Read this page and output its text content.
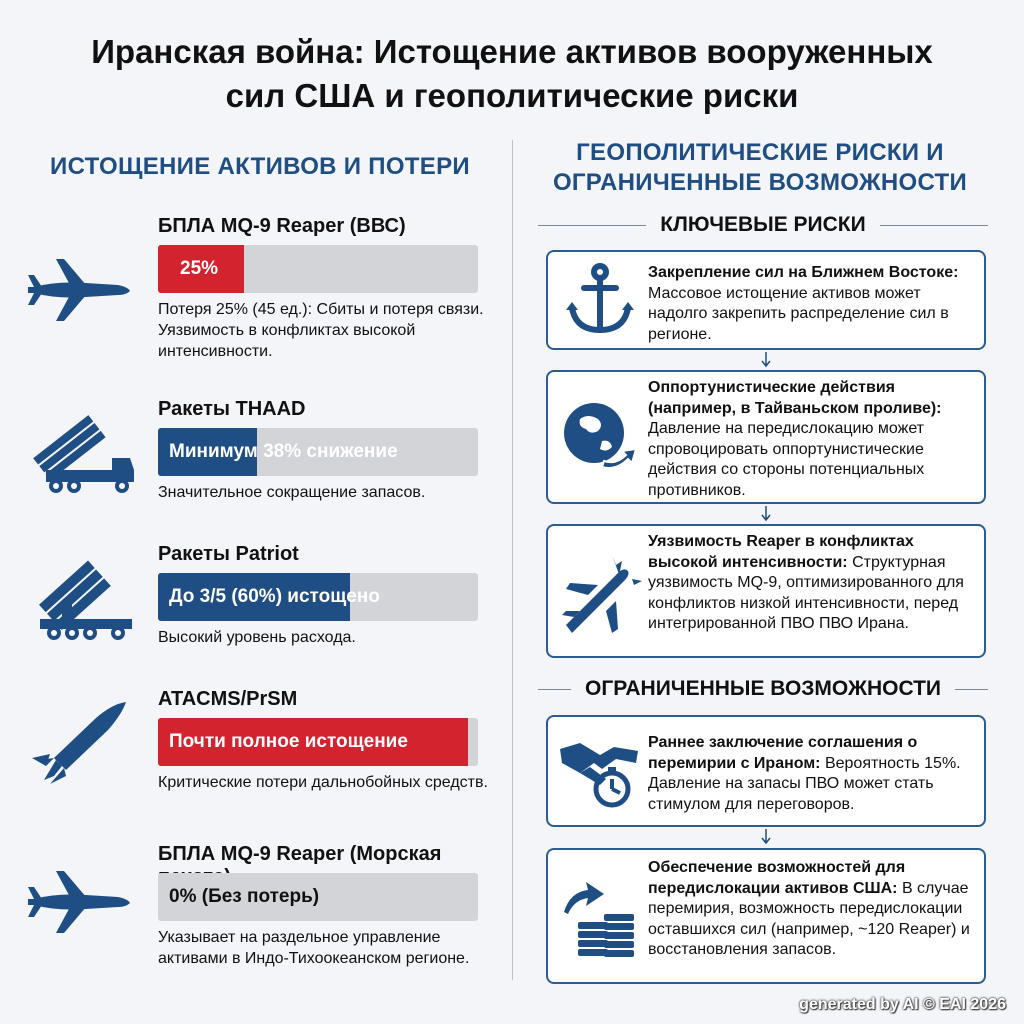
Иранская война: Истощение активов вооруженных
сил США и геополитические риски
ИСТОЩЕНИЕ АКТИВОВ И ПОТЕРИ
ГЕОПОЛИТИЧЕСКИЕ РИСКИ И
ОГРАНИЧЕННЫЕ ВОЗМОЖНОСТИ
БПЛА MQ-9 Reaper (ВВС)
25%
Потеря 25% (45 ед.): Сбиты и потеря связи. Уязвимость в конфликтах высокой интенсивности.
Ракеты THAAD
Минимум 38% снижение
Значительное сокращение запасов.
Ракеты Patriot
До 3/5 (60%) истощено
Высокий уровень расхода.
ATACMS/PrSM
Почти полное истощение
Критические потери дальнобойных средств.
БПЛА MQ-9 Reaper (Морская
0% (Без потерь)
Указывает на раздельное управление активами в Индо-Тихоокеанском регионе.
КЛЮЧЕВЫЕ РИСКИ
Закрепление сил на Ближнем Востоке: Массовое истощение активов может надолго закрепить распределение сил в регионе.
Оппортунистические действия (например, в Тайваньском проливе): Давление на передислокацию может спровоцировать оппортунистические действия со стороны потенциальных противников.
Уязвимость Reaper в конфликтах высокой интенсивности: Структурная уязвимость MQ-9, оптимизированного для конфликтов низкой интенсивности, перед интегрированной ПВО ПВО Ирана.
ОГРАНИЧЕННЫЕ ВОЗМОЖНОСТИ
Раннее заключение соглашения о перемирии с Ираном: Вероятность 15%. Давление на запасы ПВО может стать стимулом для переговоров.
Обеспечение возможностей для передислокации активов США: В случае перемирия, возможность передислокации оставшихся сил (например, ~120 Reaper) и восстановления запасов.
generated by AI © EAI 2026
